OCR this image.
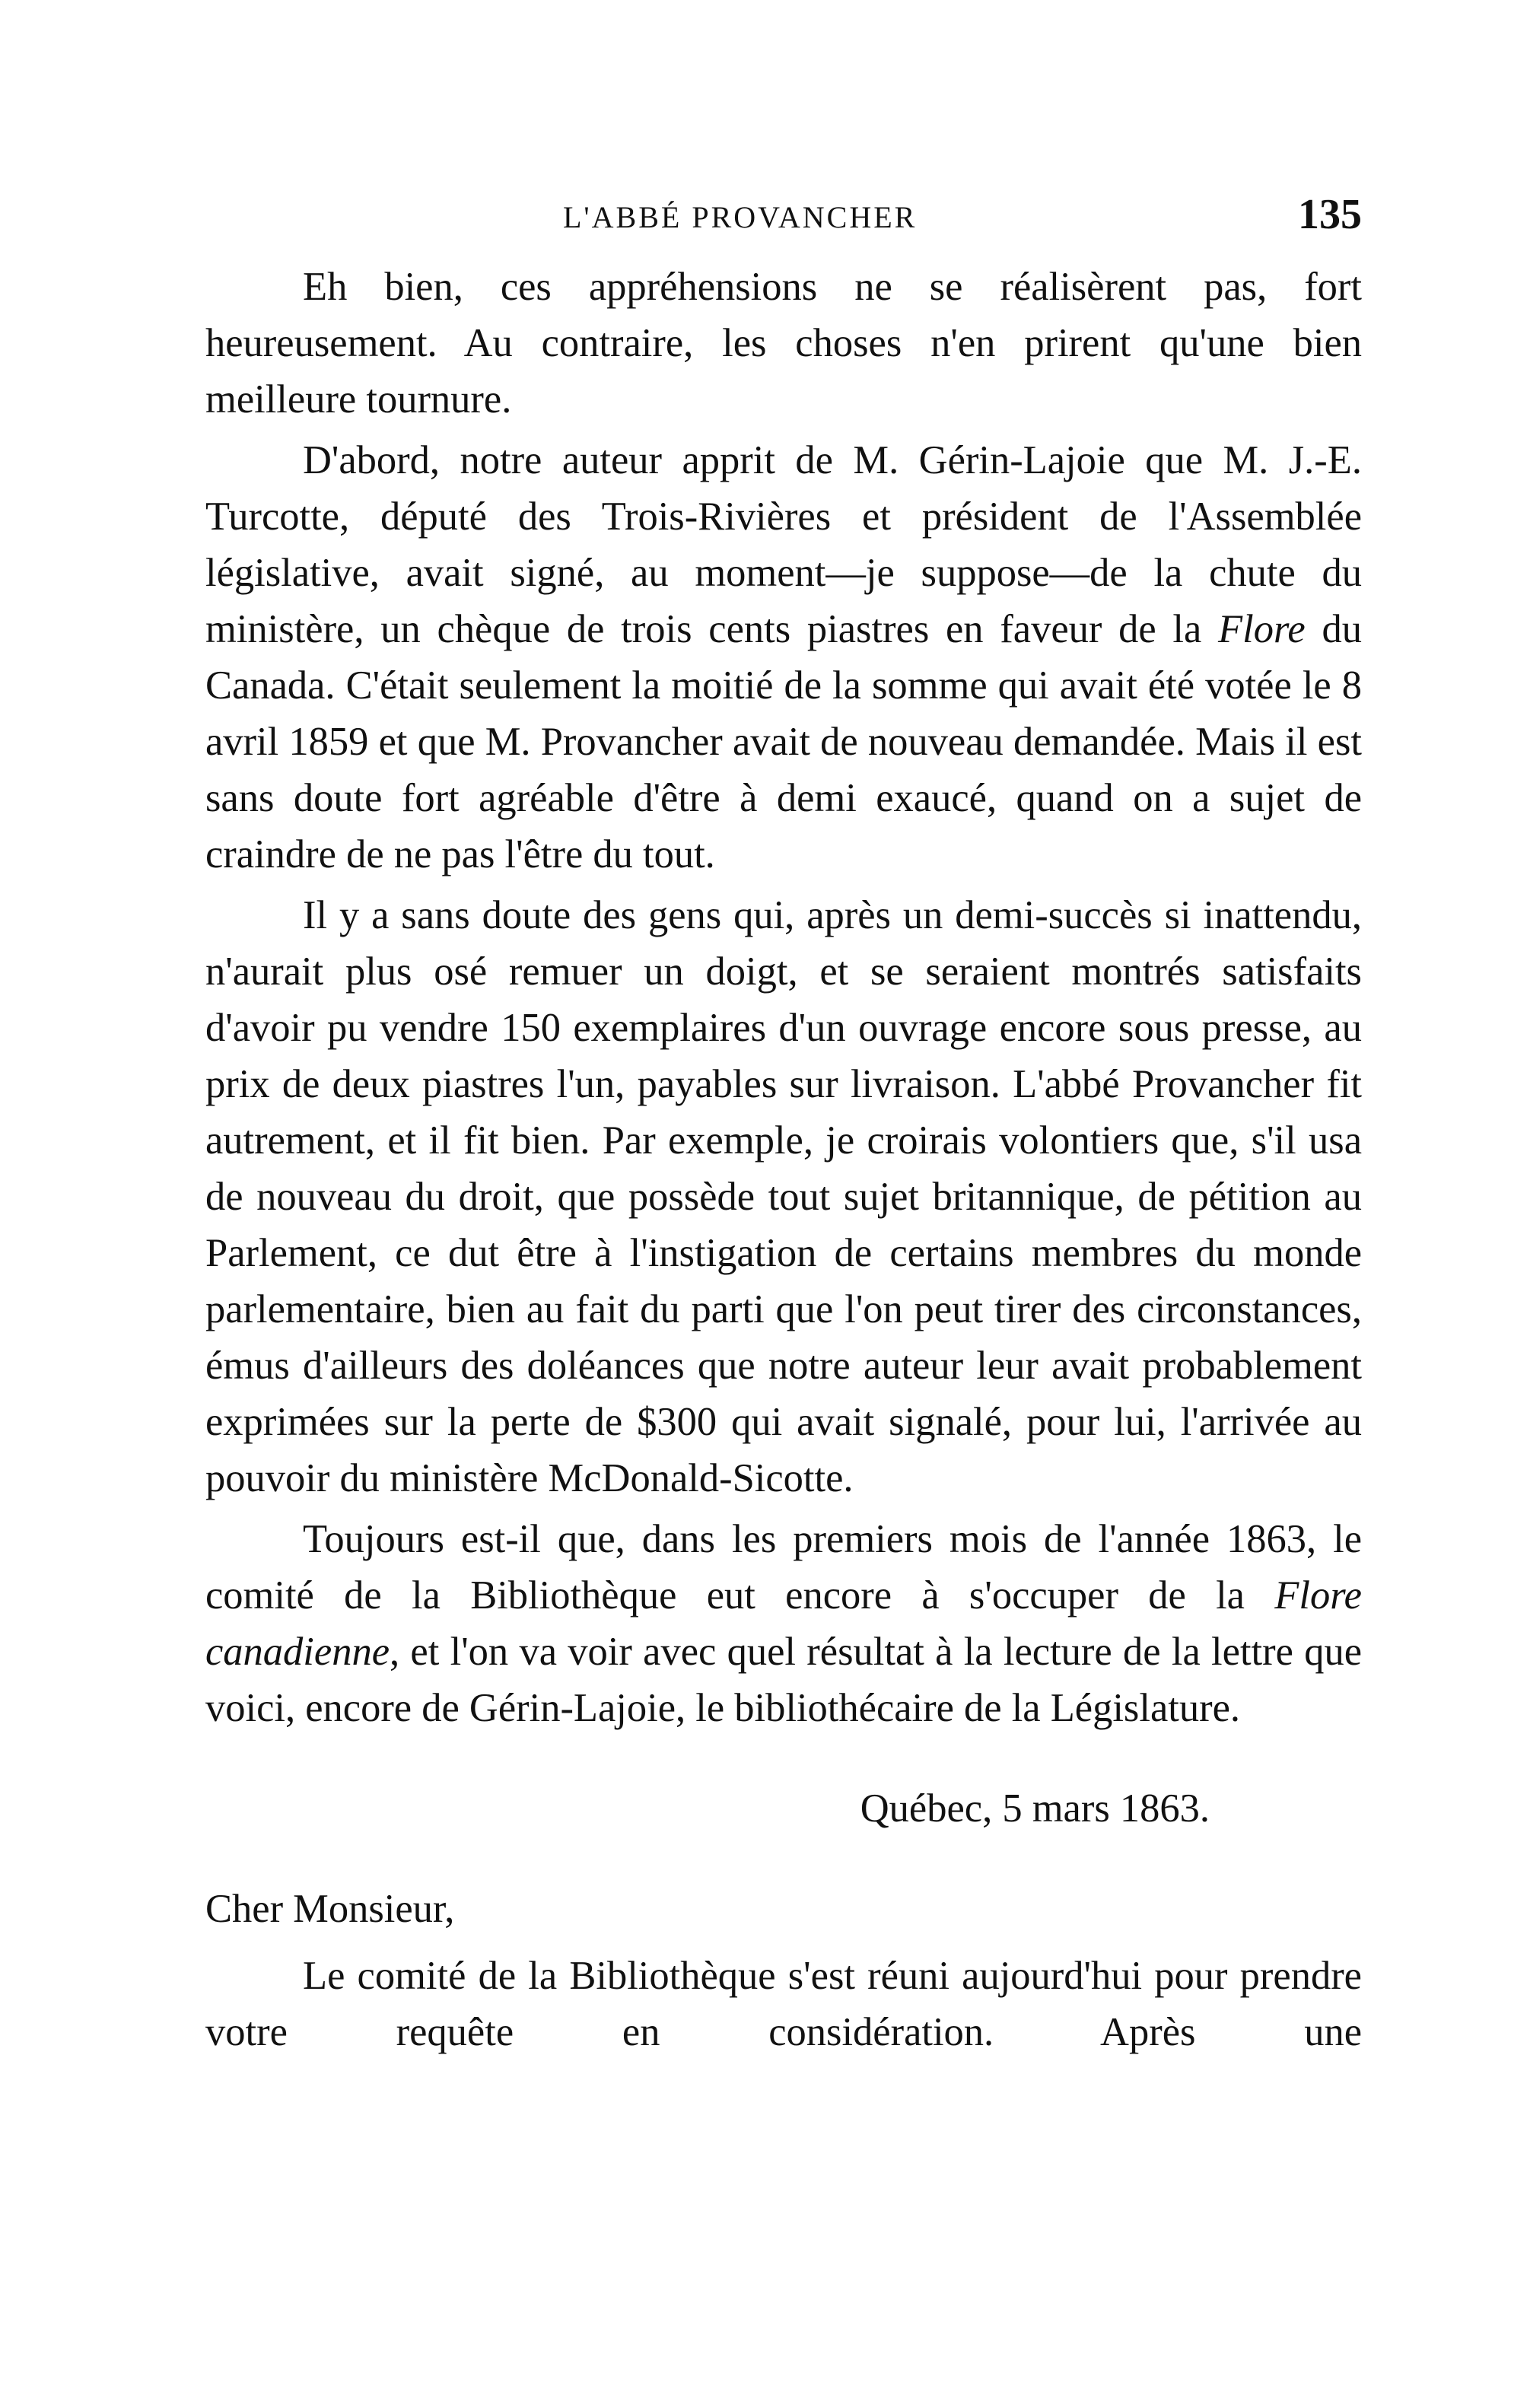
L'ABBÉ PROVANCHER	135

Eh bien, ces appréhensions ne se réalisèrent pas, fort heureusement. Au contraire, les choses n'en prirent qu'une bien meilleure tournure.

D'abord, notre auteur apprit de M. Gérin-Lajoie que M. J.-E. Turcotte, député des Trois-Rivières et président de l'Assemblée législative, avait signé, au moment—je suppose—de la chute du ministère, un chèque de trois cents piastres en faveur de la Flore du Canada. C'était seulement la moitié de la somme qui avait été votée le 8 avril 1859 et que M. Provancher avait de nouveau demandée. Mais il est sans doute fort agréable d'être à demi exaucé, quand on a sujet de craindre de ne pas l'être du tout.

Il y a sans doute des gens qui, après un demi-succès si inattendu, n'aurait plus osé remuer un doigt, et se seraient montrés satisfaits d'avoir pu vendre 150 exemplaires d'un ouvrage encore sous presse, au prix de deux piastres l'un, payables sur livraison. L'abbé Provancher fit autrement, et il fit bien. Par exemple, je croirais volontiers que, s'il usa de nouveau du droit, que possède tout sujet britannique, de pétition au Parlement, ce dut être à l'instigation de certains membres du monde parlementaire, bien au fait du parti que l'on peut tirer des circonstances, émus d'ailleurs des doléances que notre auteur leur avait probablement exprimées sur la perte de $300 qui avait signalé, pour lui, l'arrivée au pouvoir du ministère McDonald-Sicotte.

Toujours est-il que, dans les premiers mois de l'année 1863, le comité de la Bibliothèque eut encore à s'occuper de la Flore canadienne, et l'on va voir avec quel résultat à la lecture de la lettre que voici, encore de Gérin-Lajoie, le bibliothécaire de la Législature.

Québec, 5 mars 1863.

Cher Monsieur,

Le comité de la Bibliothèque s'est réuni aujourd'hui pour prendre votre requête en considération. Après une
